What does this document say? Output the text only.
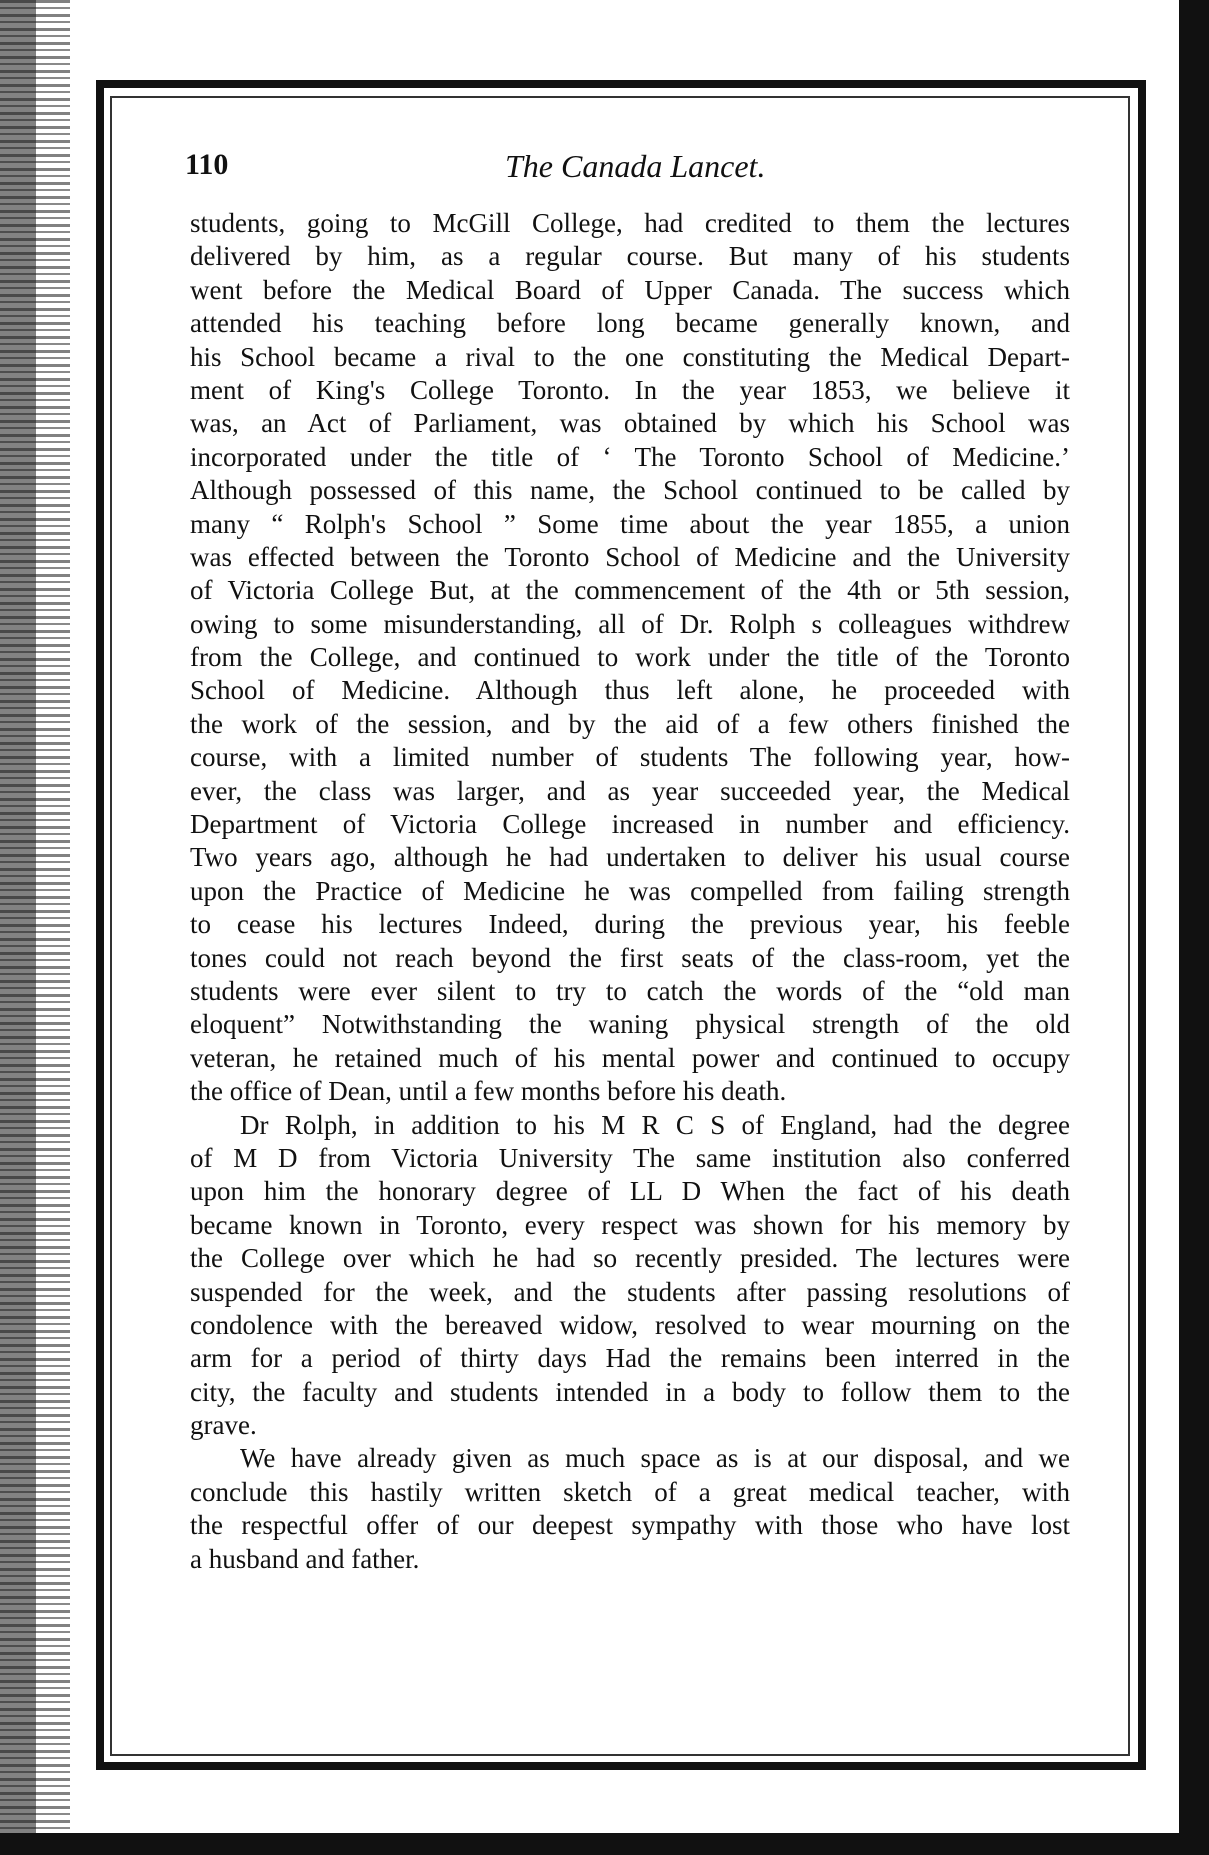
110	The Canada Lancet.
students, going to McGill College, had credited to them the lectures
delivered by him, as a regular course. But many of his students
went before the Medical Board of Upper Canada. The success which
attended his teaching before long became generally known, and
his School became a rival to the one constituting the Medical Depart-
ment of King's College Toronto. In the year 1853, we believe it
was, an Act of Parliament, was obtained by which his School was
incorporated under the title of ‘ The Toronto School of Medicine.’
Although possessed of this name, the School continued to be called by
many “ Rolph's School ” Some time about the year 1855, a union
was effected between the Toronto School of Medicine and the University
of Victoria College But, at the commencement of the 4th or 5th session,
owing to some misunderstanding, all of Dr. Rolph s colleagues withdrew
from the College, and continued to work under the title of the Toronto
School of Medicine. Although thus left alone, he proceeded with
the work of the session, and by the aid of a few others finished the
course, with a limited number of students The following year, how-
ever, the class was larger, and as year succeeded year, the Medical
Department of Victoria College increased in number and efficiency.
Two years ago, although he had undertaken to deliver his usual course
upon the Practice of Medicine he was compelled from failing strength
to cease his lectures Indeed, during the previous year, his feeble
tones could not reach beyond the first seats of the class-room, yet the
students were ever silent to try to catch the words of the “old man
eloquent” Notwithstanding the waning physical strength of the old
veteran, he retained much of his mental power and continued to occupy
the office of Dean, until a few months before his death.
Dr Rolph, in addition to his M R C S of England, had the degree
of M D from Victoria University The same institution also conferred
upon him the honorary degree of LL D When the fact of his death
became known in Toronto, every respect was shown for his memory by
the College over which he had so recently presided. The lectures were
suspended for the week, and the students after passing resolutions of
condolence with the bereaved widow, resolved to wear mourning on the
arm for a period of thirty days Had the remains been interred in the
city, the faculty and students intended in a body to follow them to the
grave.
We have already given as much space as is at our disposal, and we
conclude this hastily written sketch of a great medical teacher, with
the respectful offer of our deepest sympathy with those who have lost
a husband and father.
